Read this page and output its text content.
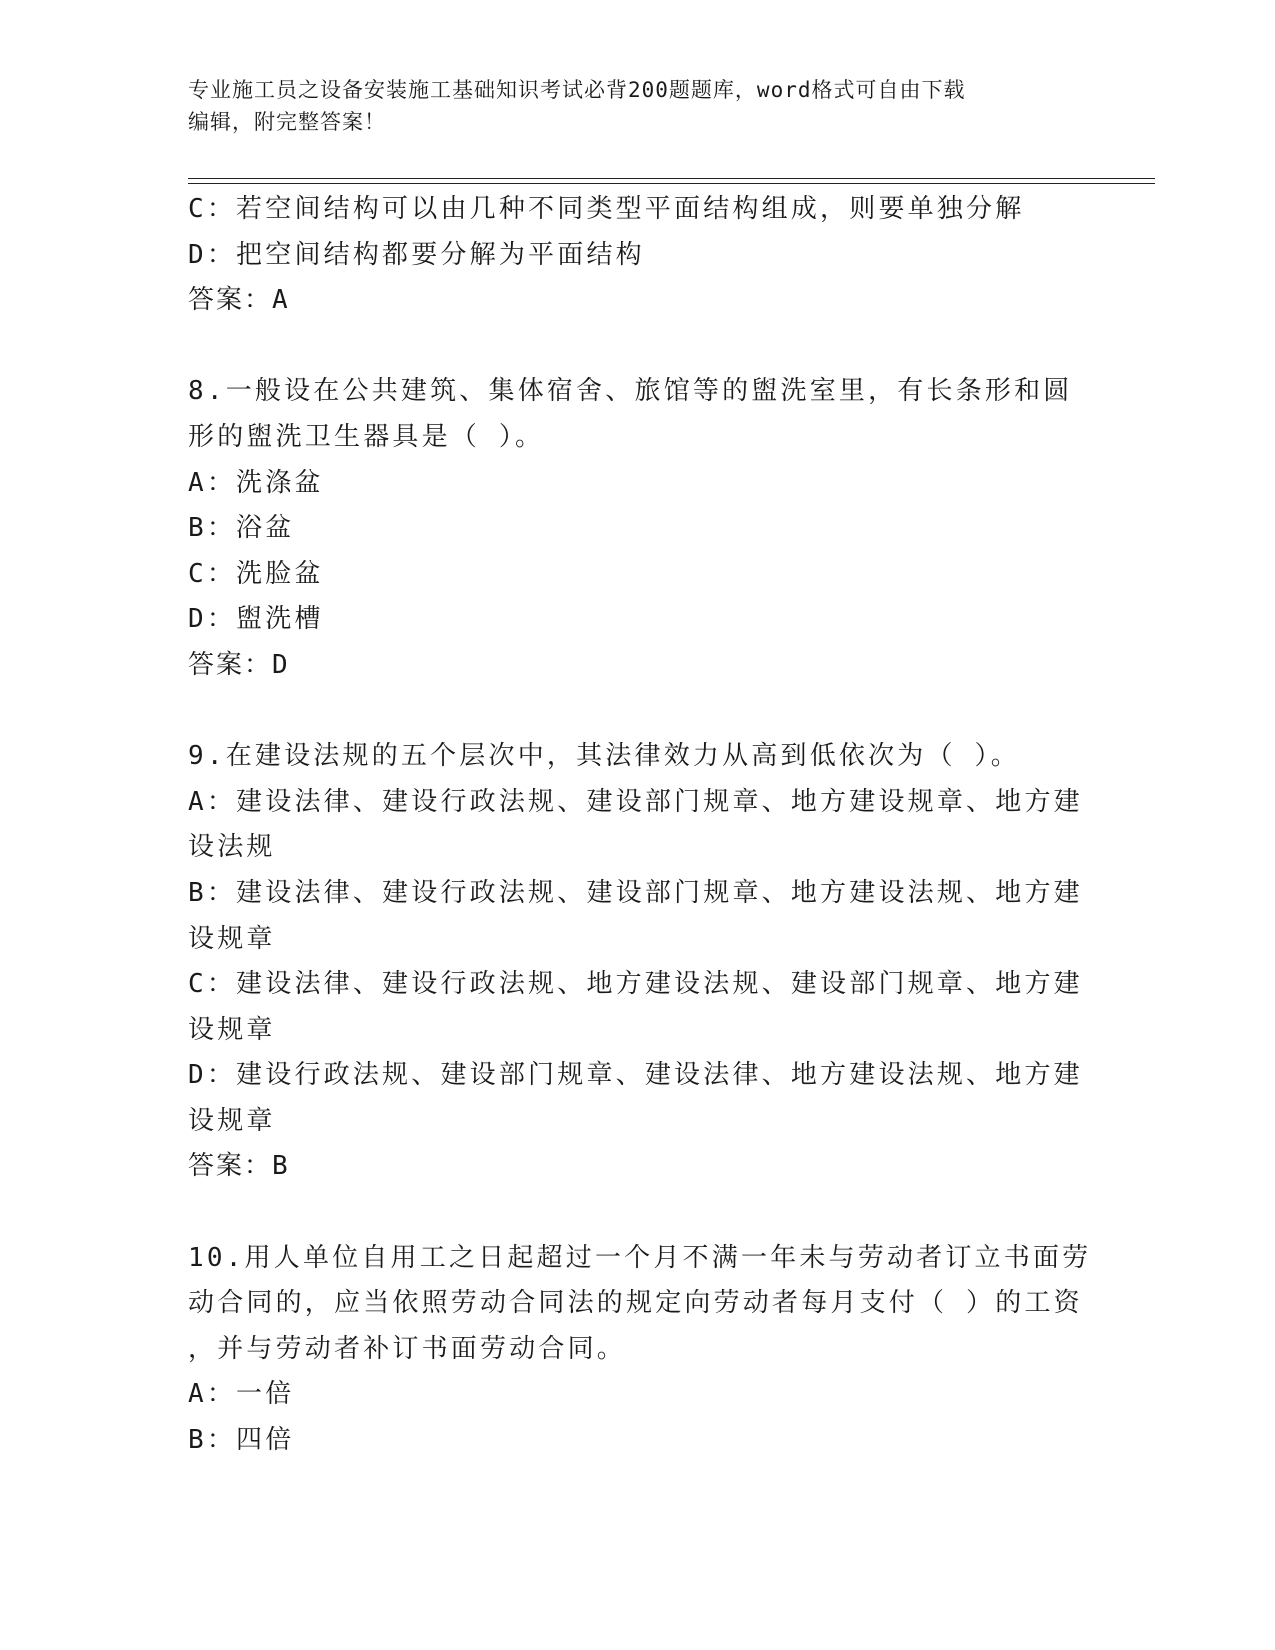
专业施工员之设备安装施工基础知识考试必背200题题库，word格式可自由下载
编辑，附完整答案！
C：若空间结构可以由几种不同类型平面结构组成，则要单独分解
D：把空间结构都要分解为平面结构
答案：A
8.一般设在公共建筑、集体宿舍、旅馆等的盥洗室里，有长条形和圆
形的盥洗卫生器具是（ ）。
A：洗涤盆
B：浴盆
C：洗脸盆
D：盥洗槽
答案：D
9.在建设法规的五个层次中，其法律效力从高到低依次为（ ）。
A：建设法律、建设行政法规、建设部门规章、地方建设规章、地方建
设法规
B：建设法律、建设行政法规、建设部门规章、地方建设法规、地方建
设规章
C：建设法律、建设行政法规、地方建设法规、建设部门规章、地方建
设规章
D：建设行政法规、建设部门规章、建设法律、地方建设法规、地方建
设规章
答案：B
10.用人单位自用工之日起超过一个月不满一年未与劳动者订立书面劳
动合同的，应当依照劳动合同法的规定向劳动者每月支付（ ）的工资
，并与劳动者补订书面劳动合同。
A：一倍
B：四倍
